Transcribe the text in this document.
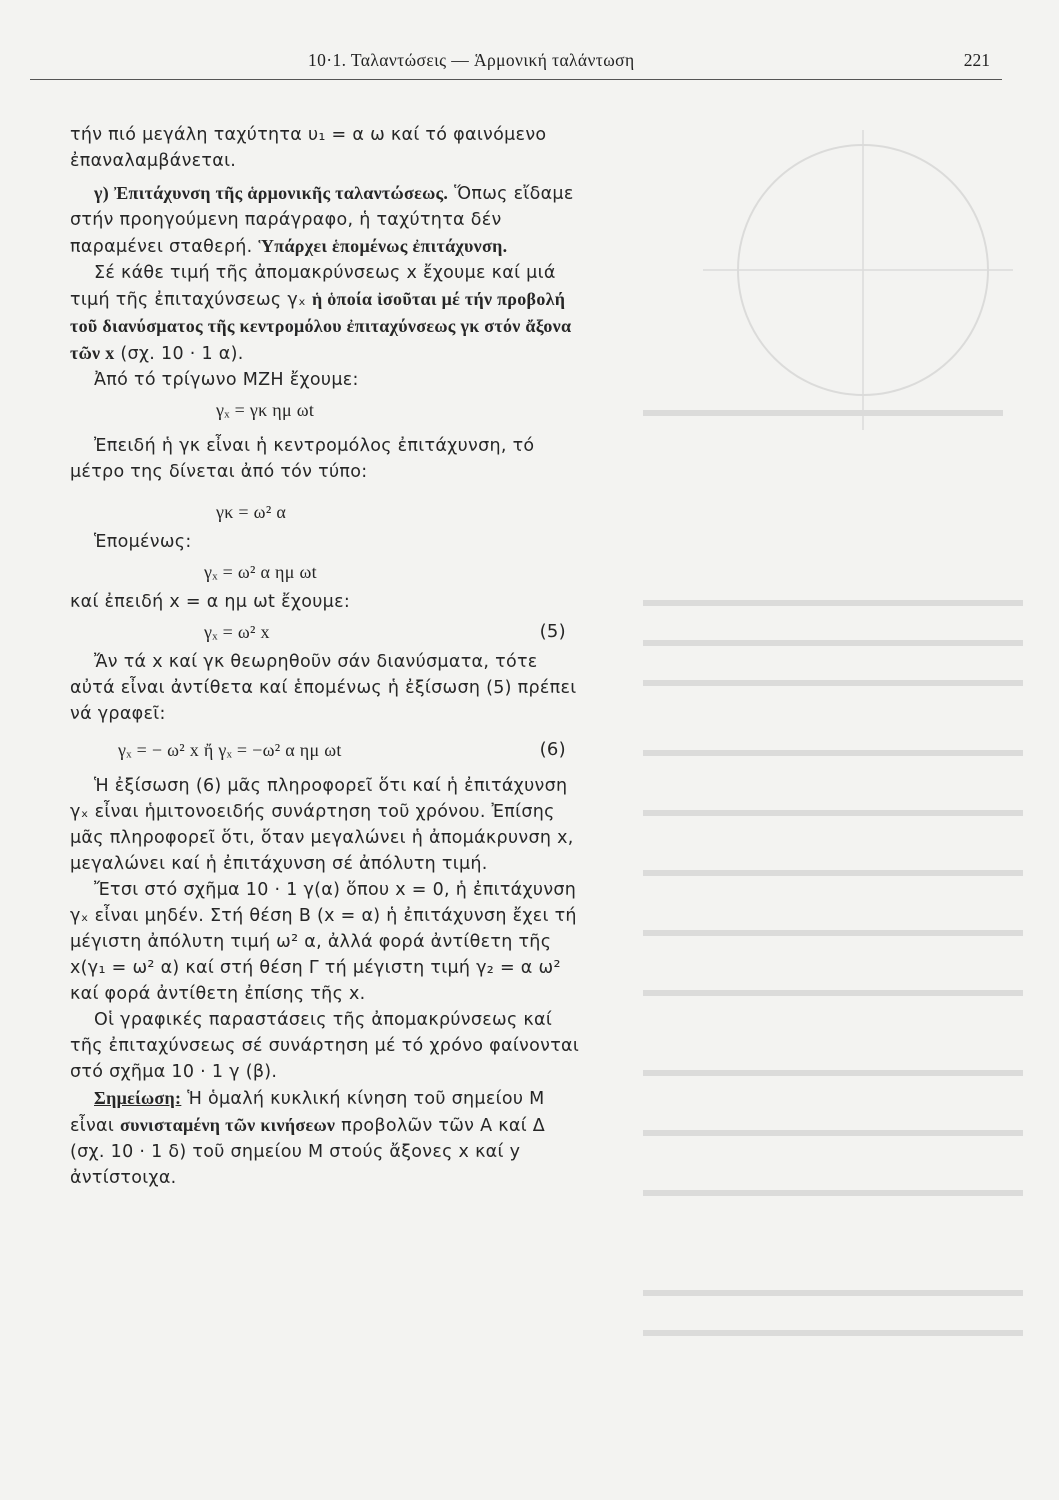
10·1. Ταλαντώσεις — Ἁρμονική ταλάντωση	221

τήν πιό μεγάλη ταχύτητα υ₁ = α ω καί τό φαινόμενο ἐπαναλαμβάνεται.

γ) Ἐπιτάχυνση τῆς ἁρμονικῆς ταλαντώσεως. Ὅπως εἴδαμε στήν προηγούμενη παράγραφο, ἡ ταχύτητα δέν παραμένει σταθερή. Ὑπάρχει ἑπομένως ἐπιτάχυνση.

Σέ κάθε τιμή τῆς ἀπομακρύνσεως x ἔχουμε καί μιά τιμή τῆς ἐπιταχύνσεως γₓ ἡ ὁποία ἰσοῦται μέ τήν προβολή τοῦ διανύσματος τῆς κεντρομόλου ἐπιταχύνσεως γκ στόν ἄξονα τῶν x (σχ. 10 · 1 α).

Ἀπό τό τρίγωνο ΜΖΗ ἔχουμε:

γₓ = γκ ημ ωt

Ἐπειδή ἡ γκ εἶναι ἡ κεντρομόλος ἐπιτάχυνση, τό μέτρο της δίνεται ἀπό τόν τύπο:

γκ = ω² α

Ἑπομένως:

γₓ = ω² α ημ ωt

καί ἐπειδή x = α ημ ωt ἔχουμε:

γₓ = ω² x	(5)

Ἄν τά x καί γκ θεωρηθοῦν σάν διανύσματα, τότε αὐτά εἶναι ἀντίθετα καί ἑπομένως ἡ ἐξίσωση (5) πρέπει νά γραφεῖ:

γₓ = − ω² x ἤ γₓ = −ω² α ημ ωt	(6)

Ἡ ἐξίσωση (6) μᾶς πληροφορεῖ ὅτι καί ἡ ἐπιτάχυνση γₓ εἶναι ἡμιτονοειδής συνάρτηση τοῦ χρόνου. Ἐπίσης μᾶς πληροφορεῖ ὅτι, ὅταν μεγαλώνει ἡ ἀπομάκρυνση x, μεγαλώνει καί ἡ ἐπιτάχυνση σέ ἀπόλυτη τιμή.

Ἔτσι στό σχῆμα 10 · 1 γ(α) ὅπου x = 0, ἡ ἐπιτάχυνση γₓ εἶναι μηδέν. Στή θέση Β (x = α) ἡ ἐπιτάχυνση ἔχει τή μέγιστη ἀπόλυτη τιμή ω² α, ἀλλά φορά ἀντίθετη τῆς x(γ₁ = ω² α) καί στή θέση Γ τή μέγιστη τιμή γ₂ = α ω² καί φορά ἀντίθετη ἐπίσης τῆς x.

Οἱ γραφικές παραστάσεις τῆς ἀπομακρύνσεως καί τῆς ἐπιταχύνσεως σέ συνάρτηση μέ τό χρόνο φαίνονται στό σχῆμα 10 · 1 γ (β).

Σημείωση: Ἡ ὁμαλή κυκλική κίνηση τοῦ σημείου Μ εἶναι συνισταμένη τῶν κινήσεων προβολῶν τῶν Α καί Δ (σχ. 10 · 1 δ) τοῦ σημείου Μ στούς ἄξονες x καί y ἀντίστοιχα.
